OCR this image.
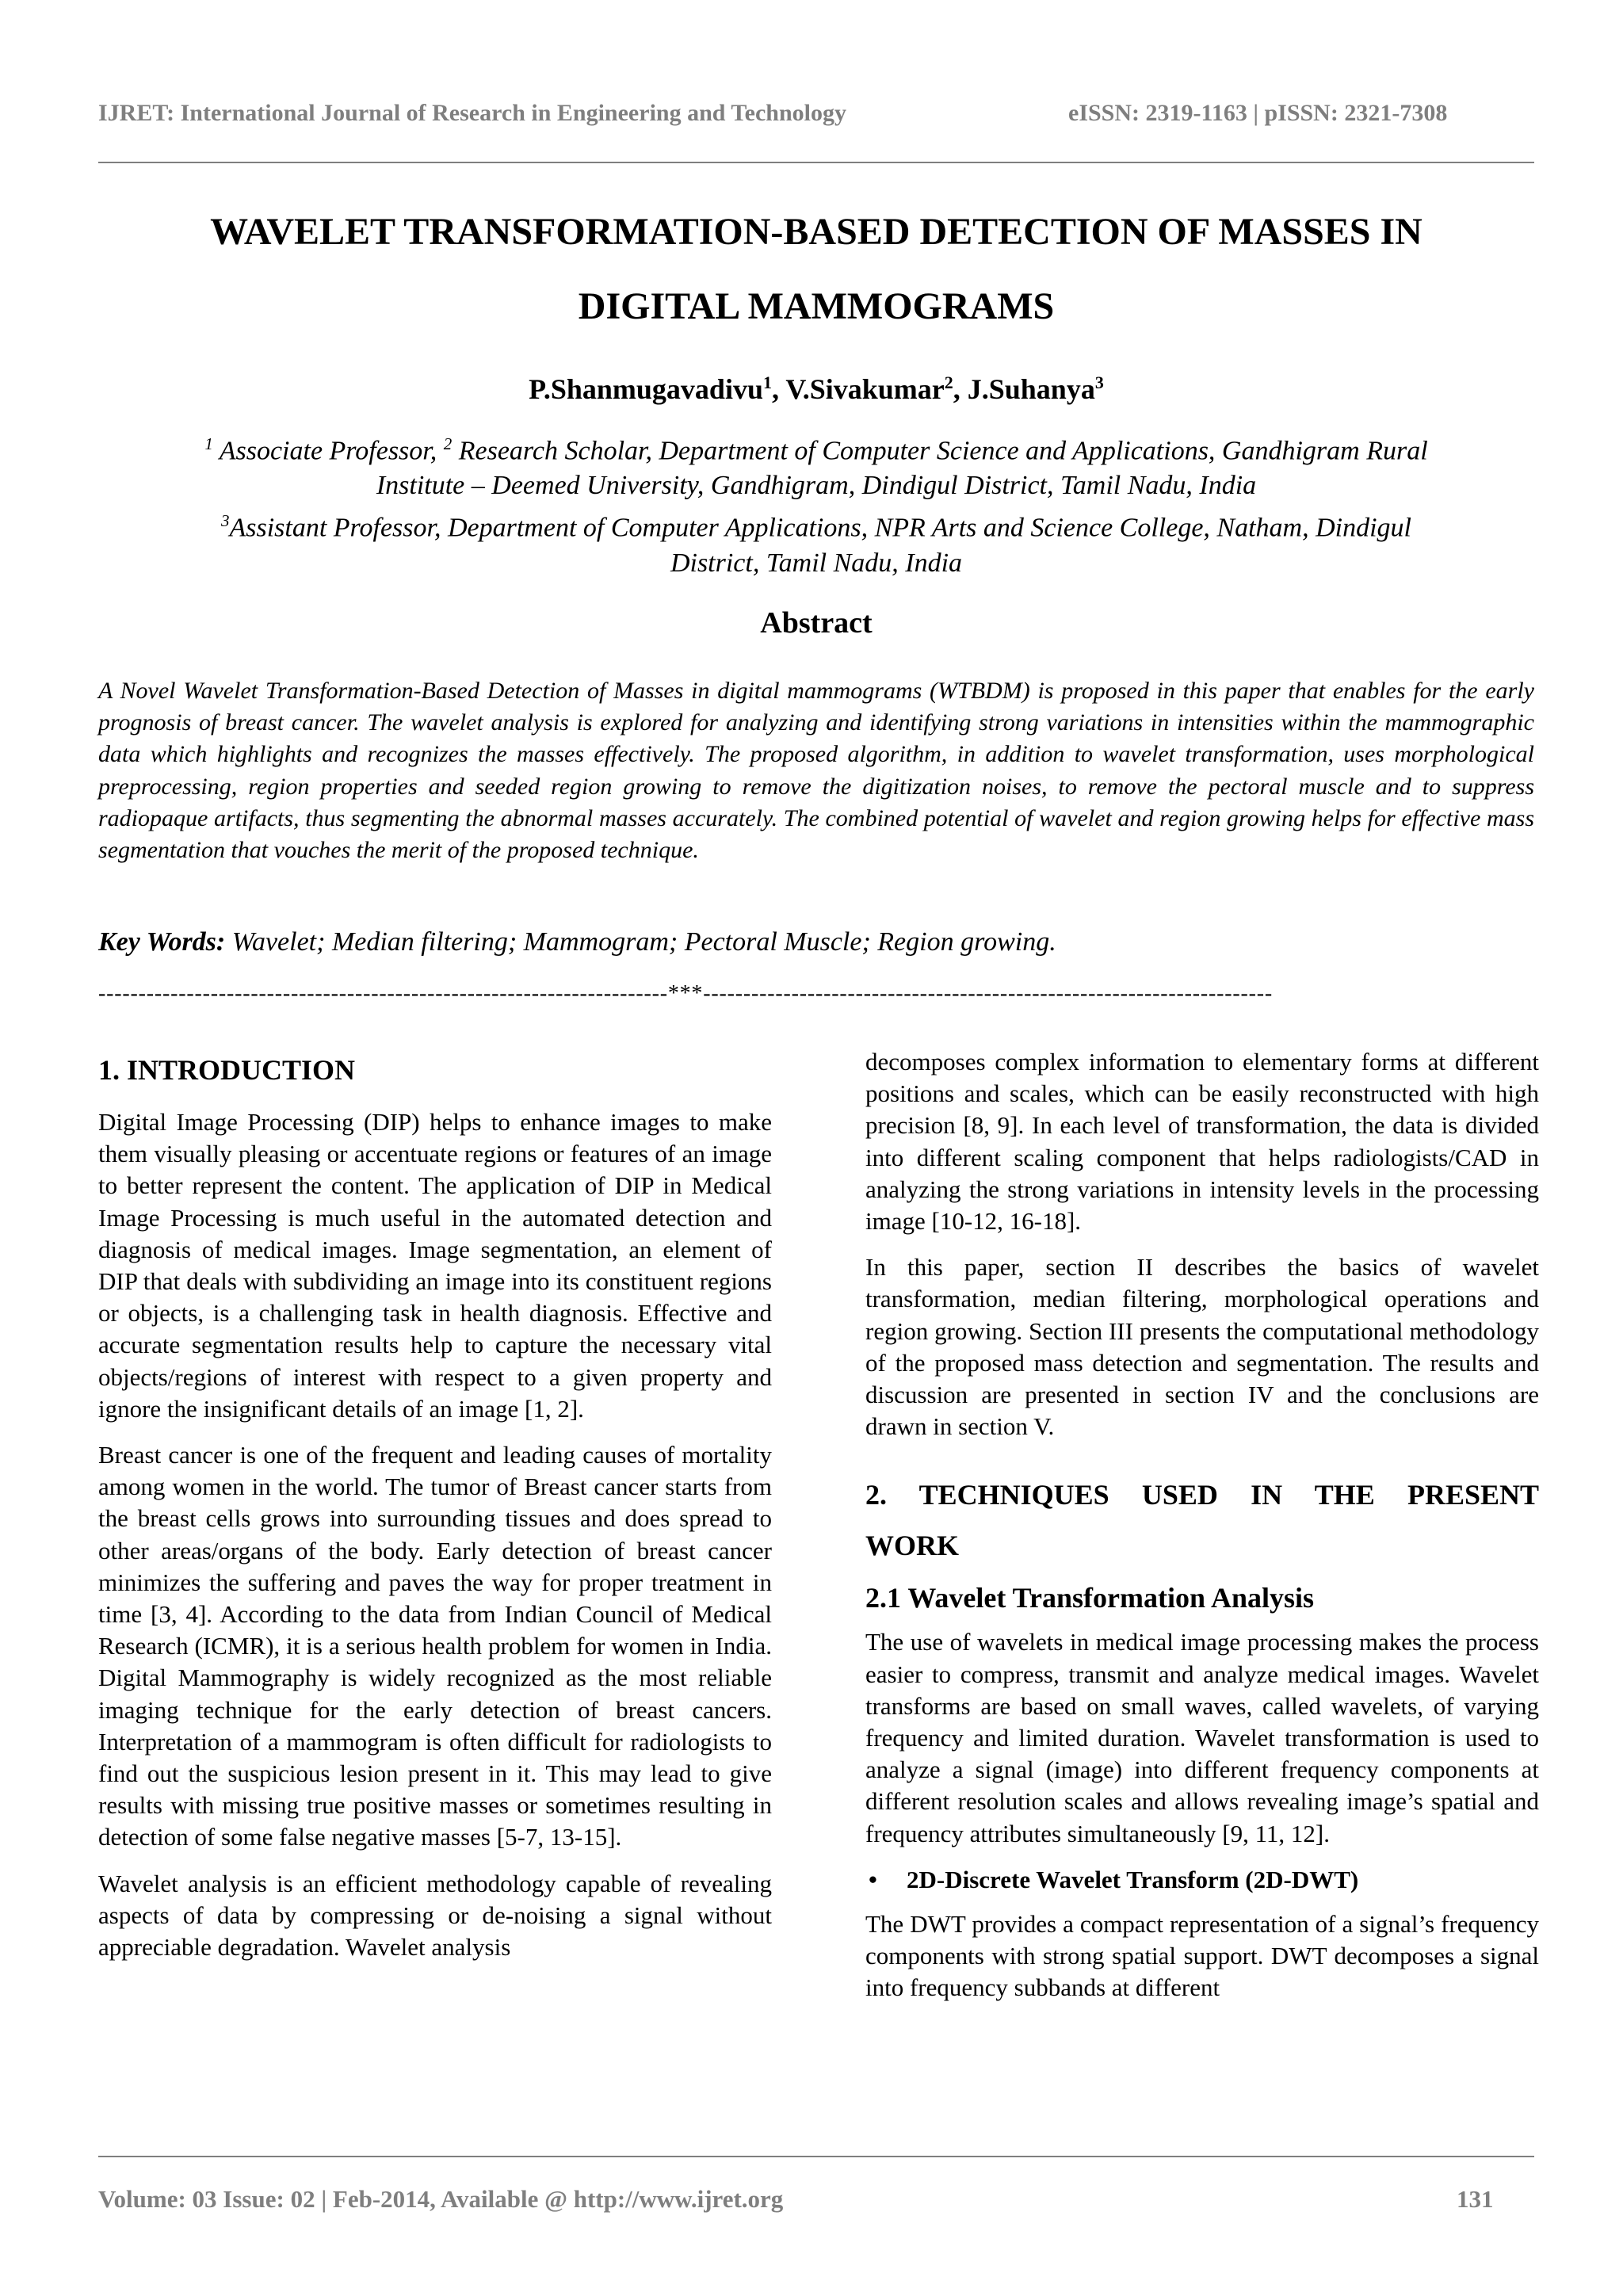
IJRET: International Journal of Research in Engineering and Technology	eISSN: 2319-1163 | pISSN: 2321-7308
WAVELET TRANSFORMATION-BASED DETECTION OF MASSES IN
DIGITAL MAMMOGRAMS
P.Shanmugavadivu$^1$, V.Sivakumar$^2$, J.Suhanya$^3$
$^1$ Associate Professor, $^2$ Research Scholar, Department of Computer Science and Applications, Gandhigram Rural
Institute – Deemed University, Gandhigram, Dindigul District, Tamil Nadu, India
$^3$Assistant Professor, Department of Computer Applications, NPR Arts and Science College, Natham, Dindigul
District, Tamil Nadu, India
Abstract
A Novel Wavelet Transformation-Based Detection of Masses in digital mammograms (WTBDM) is proposed in this paper that enables for the early prognosis of breast cancer. The wavelet analysis is explored for analyzing and identifying strong variations in intensities within the mammographic data which highlights and recognizes the masses effectively. The proposed algorithm, in addition to wavelet transformation, uses morphological preprocessing, region properties and seeded region growing to remove the digitization noises, to remove the pectoral muscle and to suppress radiopaque artifacts, thus segmenting the abnormal masses accurately. The combined potential of wavelet and region growing helps for effective mass segmentation that vouches the merit of the proposed technique.
Key Words: Wavelet; Median filtering; Mammogram; Pectoral Muscle; Region growing.
-----------------------------------------------------------------------***-----------------------------------------------------------------------
1. INTRODUCTION

Digital Image Processing (DIP) helps to enhance images to make them visually pleasing or accentuate regions or features of an image to better represent the content. The application of DIP in Medical Image Processing is much useful in the automated detection and diagnosis of medical images. Image segmentation, an element of DIP that deals with subdividing an image into its constituent regions or objects, is a challenging task in health diagnosis. Effective and accurate segmentation results help to capture the necessary vital objects/regions of interest with respect to a given property and ignore the insignificant details of an image [1, 2].

Breast cancer is one of the frequent and leading causes of mortality among women in the world. The tumor of Breast cancer starts from the breast cells grows into surrounding tissues and does spread to other areas/organs of the body. Early detection of breast cancer minimizes the suffering and paves the way for proper treatment in time [3, 4]. According to the data from Indian Council of Medical Research (ICMR), it is a serious health problem for women in India. Digital Mammography is widely recognized as the most reliable imaging technique for the early detection of breast cancers. Interpretation of a mammogram is often difficult for radiologists to find out the suspicious lesion present in it. This may lead to give results with missing true positive masses or sometimes resulting in detection of some false negative masses [5-7, 13-15].

Wavelet analysis is an efficient methodology capable of revealing aspects of data by compressing or de-noising a signal without appreciable degradation. Wavelet analysis

decomposes complex information to elementary forms at different positions and scales, which can be easily reconstructed with high precision [8, 9]. In each level of transformation, the data is divided into different scaling component that helps radiologists/CAD in analyzing the strong variations in intensity levels in the processing image [10-12, 16-18].

In this paper, section II describes the basics of wavelet transformation, median filtering, morphological operations and region growing. Section III presents the computational methodology of the proposed mass detection and segmentation. The results and discussion are presented in section IV and the conclusions are drawn in section V.

2. TECHNIQUES USED IN THE PRESENT
WORK
2.1 Wavelet Transformation Analysis

The use of wavelets in medical image processing makes the process easier to compress, transmit and analyze medical images. Wavelet transforms are based on small waves, called wavelets, of varying frequency and limited duration. Wavelet transformation is used to analyze a signal (image) into different frequency components at different resolution scales and allows revealing image’s spatial and frequency attributes simultaneously [9, 11, 12].

• 2D-Discrete Wavelet Transform (2D-DWT)

The DWT provides a compact representation of a signal’s frequency components with strong spatial support. DWT decomposes a signal into frequency subbands at different

Volume: 03 Issue: 02 | Feb-2014, Available @ http://www.ijret.org	131
